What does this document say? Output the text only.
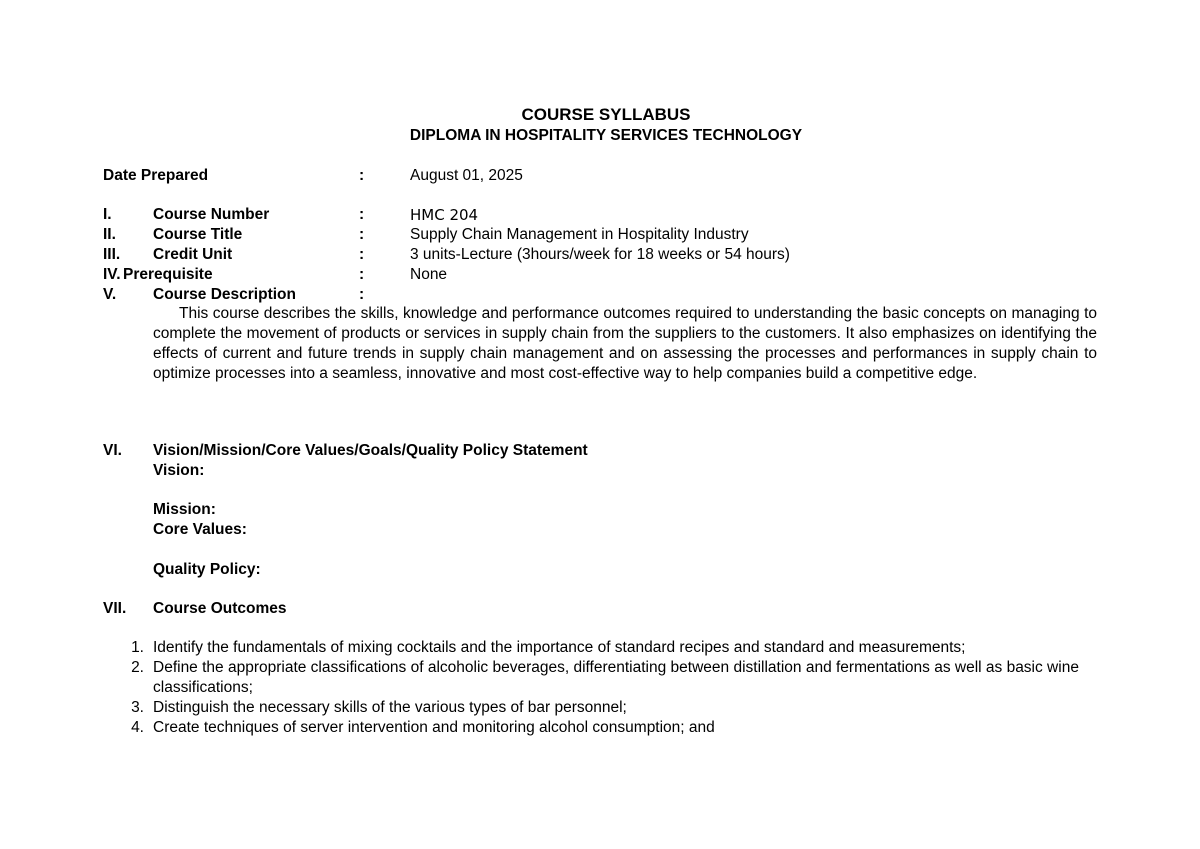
COURSE SYLLABUS
DIPLOMA IN HOSPITALITY SERVICES TECHNOLOGY
Date Prepared	:	August 01, 2025
I.	Course Number	:	HMC 204
II. Course Title	:	Supply Chain Management in Hospitality Industry
III. Credit Unit	:	3 units-Lecture (3hours/week for 18 weeks or 54 hours)
IV. Prerequisite	:	None
V. Course Description	:
This course describes the skills, knowledge and performance outcomes required to understanding the basic concepts on managing to complete the movement of products or services in supply chain from the suppliers to the customers. It also emphasizes on identifying the effects of current and future trends in supply chain management and on assessing the processes and performances in supply chain to optimize processes into a seamless, innovative and most cost-effective way to help companies build a competitive edge.
VI. Vision/Mission/Core Values/Goals/Quality Policy Statement
Vision:
Mission:
Core Values:
Quality Policy:
VII. Course Outcomes
1. Identify the fundamentals of mixing cocktails and the importance of standard recipes and standard and measurements;
2. Define the appropriate classifications of alcoholic beverages, differentiating between distillation and fermentations as well as basic wine classifications;
3. Distinguish the necessary skills of the various types of bar personnel;
4. Create techniques of server intervention and monitoring alcohol consumption; and
